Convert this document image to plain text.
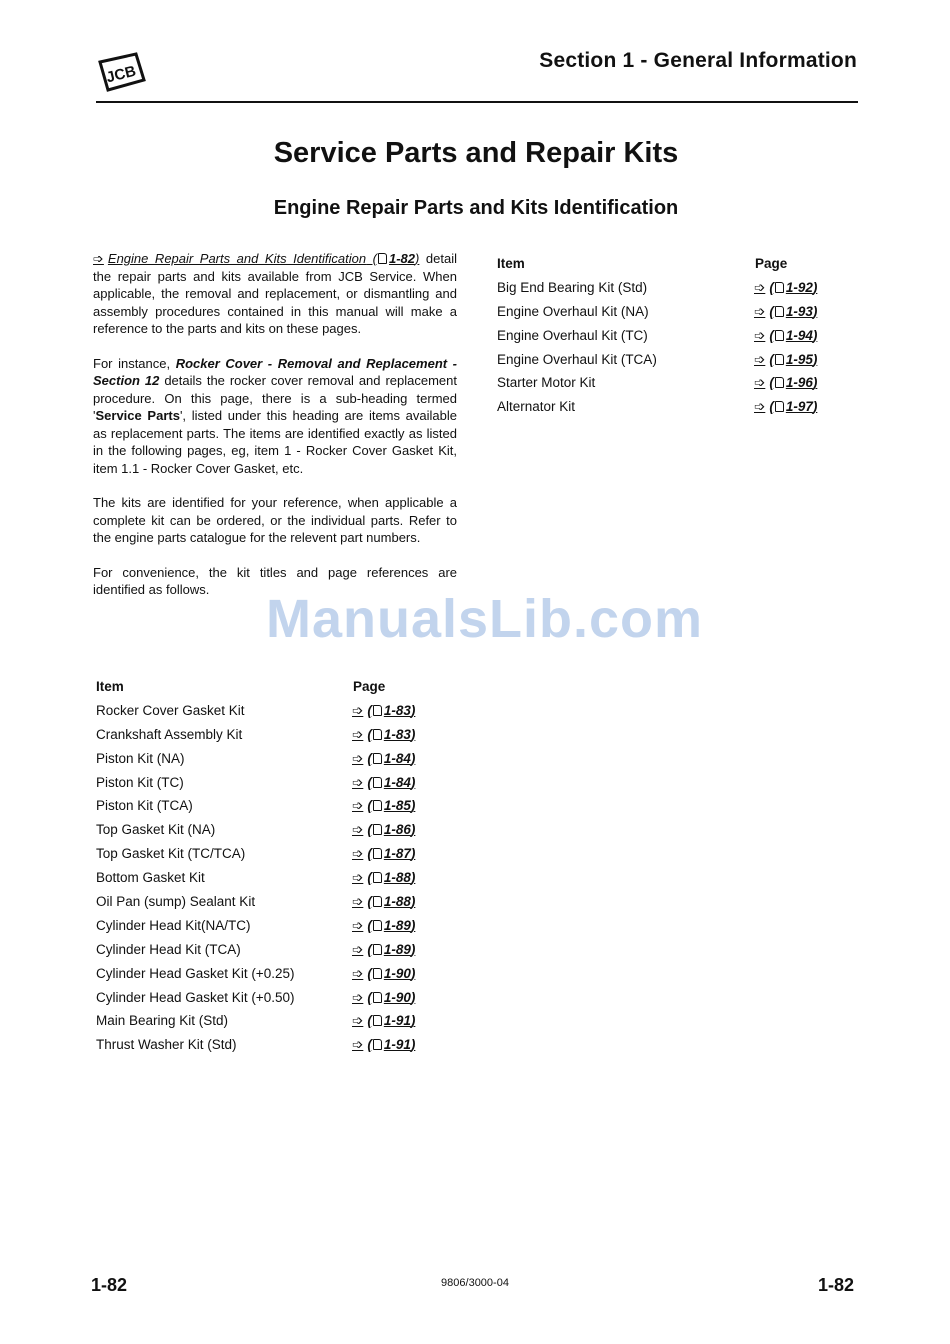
JCB
Section 1 - General Information
Service Parts and Repair Kits
Engine Repair Parts and Kits Identification

➩ Engine Repair Parts and Kits Identification ( 1-82) detail the repair parts and kits available from JCB Service. When applicable, the removal and replacement, or dismantling and assembly procedures contained in this manual will make a reference to the parts and kits on these pages.

For instance, Rocker Cover - Removal and Replacement - Section 12 details the rocker cover removal and replacement procedure. On this page, there is a sub-heading termed 'Service Parts', listed under this heading are items available as replacement parts. The items are identified exactly as listed in the following pages, eg, item 1 - Rocker Cover Gasket Kit, item 1.1 - Rocker Cover Gasket, etc.

The kits are identified for your reference, when applicable a complete kit can be ordered, or the individual parts. Refer to the engine parts catalogue for the relevent part numbers.

For convenience, the kit titles and page references are identified as follows.	ManualsLib.com
Item	Page
Rocker Cover Gasket Kit	➩ ( 1-83)
Crankshaft Assembly Kit	➩ ( 1-83)
Piston Kit (NA)	➩ ( 1-84)
Piston Kit (TC)	➩ ( 1-84)
Piston Kit (TCA)	➩ ( 1-85)
Top Gasket Kit (NA)	➩ ( 1-86)
Top Gasket Kit (TC/TCA)	➩ ( 1-87)
Bottom Gasket Kit	➩ ( 1-88)
Oil Pan (sump) Sealant Kit	➩ ( 1-88)
Cylinder Head Kit(NA/TC)	➩ ( 1-89)
Cylinder Head Kit (TCA)	➩ ( 1-89)
Cylinder Head Gasket Kit (+0.25)	➩ ( 1-90)
Cylinder Head Gasket Kit (+0.50)	➩ ( 1-90)
Main Bearing Kit (Std)	➩ ( 1-91)
Thrust Washer Kit (Std)	➩ ( 1-91)
Item	Page
Big End Bearing Kit (Std)	➩ ( 1-92)
Engine Overhaul Kit (NA)	➩ ( 1-93)
Engine Overhaul Kit (TC)	➩ ( 1-94)
Engine Overhaul Kit (TCA)	➩ ( 1-95)
Starter Motor Kit	➩ ( 1-96)
Alternator Kit	➩ ( 1-97)
1-82	9806/3000-04	1-82
